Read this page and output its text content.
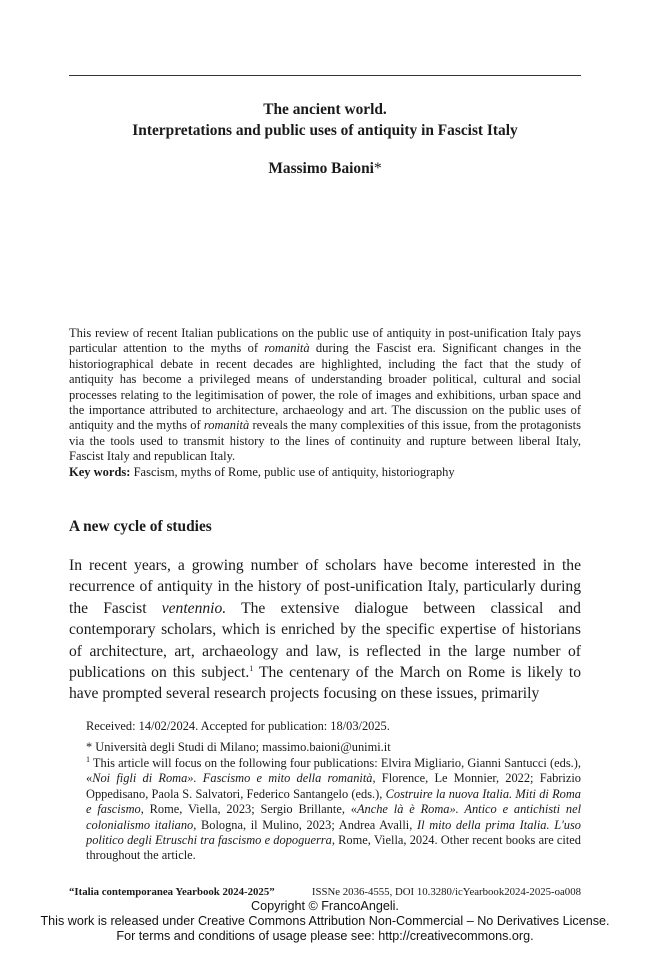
The ancient world.
Interpretations and public uses of antiquity in Fascist Italy
Massimo Baioni*

This review of recent Italian publications on the public use of antiquity in post-unification Italy pays particular attention to the myths of romanità during the Fascist era. Significant changes in the historiographical debate in recent decades are highlighted, including the fact that the study of antiquity has become a privileged means of understanding broader political, cultural and social processes relating to the legitimisation of power, the role of images and exhibitions, urban space and the importance attributed to architecture, archaeology and art. The discussion on the public uses of antiquity and the myths of romanità reveals the many complexities of this issue, from the protagonists via the tools used to transmit history to the lines of continuity and rupture between liberal Italy, Fascist Italy and republican Italy.

Key words: Fascism, myths of Rome, public use of antiquity, historiography

A new cycle of studies

In recent years, a growing number of scholars have become interested in the recurrence of antiquity in the history of post-unification Italy, particularly during the Fascist ventennio. The extensive dialogue between classical and contemporary scholars, which is enriched by the specific expertise of historians of architecture, art, archaeology and law, is reflected in the large number of publications on this subject.$^1$ The centenary of the March on Rome is likely to have prompted several research projects focusing on these issues, primarily

Received: 14/02/2024. Accepted for publication: 18/03/2025.
* Università degli Studi di Milano; massimo.baioni@unimi.it
$^1$ This article will focus on the following four publications: Elvira Migliario, Gianni Santucci (eds.), «Noi figli di Roma». Fascismo e mito della romanità, Florence, Le Monnier, 2022; Fabrizio Oppedisano, Paola S. Salvatori, Federico Santangelo (eds.), Costruire la nuova Italia. Miti di Roma e fascismo, Rome, Viella, 2023; Sergio Brillante, «Anche là è Roma». Antico e antichisti nel colonialismo italiano, Bologna, il Mulino, 2023; Andrea Avalli, Il mito della prima Italia. L'uso politico degli Etruschi tra fascismo e dopoguerra, Rome, Viella, 2024. Other recent books are cited throughout the article.
“Italia contemporanea Yearbook 2024-2025”	ISSNe 2036-4555, DOI 10.3280/icYearbook2024-2025-oa008
Copyright © FrancoAngeli.
This work is released under Creative Commons Attribution Non-Commercial – No Derivatives License.
For terms and conditions of usage please see: http://creativecommons.org.
